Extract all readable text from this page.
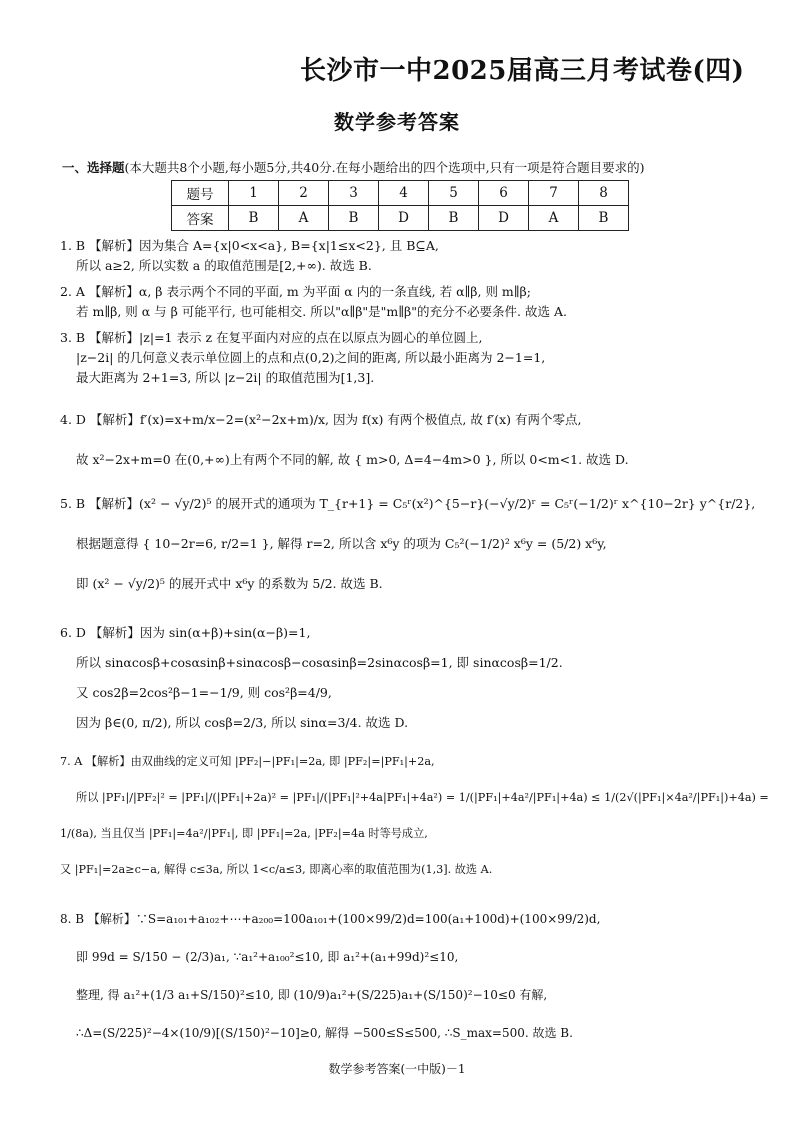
长沙市一中2025届高三月考试卷(四)
数学参考答案
一、选择题(本大题共8个小题,每小题5分,共40分.在每小题给出的四个选项中,只有一项是符合题目要求的)
题号	1	2	3	4	5	6	7	8
答案	B	A	B	D	B	D	A	B
1. B 【解析】因为集合 A={x|0<x<a}, B={x|1≤x<2}, 且 B⊆A,
所以 a≥2, 所以实数 a 的取值范围是[2,+∞). 故选 B.
2. A 【解析】α, β 表示两个不同的平面, m 为平面 α 内的一条直线, 若 α∥β, 则 m∥β;
若 m∥β, 则 α 与 β 可能平行, 也可能相交. 所以"α∥β"是"m∥β"的充分不必要条件. 故选 A.
3. B 【解析】|z|=1 表示 z 在复平面内对应的点在以原点为圆心的单位圆上,
|z−2i| 的几何意义表示单位圆上的点和点(0,2)之间的距离, 所以最小距离为 2−1=1,
最大距离为 2+1=3, 所以 |z−2i| 的取值范围为[1,3].
4. D 【解析】f′(x)=x+m/x−2=(x²−2x+m)/x, 因为 f(x) 有两个极值点, 故 f′(x) 有两个零点,
故 x²−2x+m=0 在(0,+∞)上有两个不同的解, 故 { m>0, Δ=4−4m>0 }, 所以 0<m<1. 故选 D.
5. B 【解析】(x² − √y/2)⁵ 的展开式的通项为 T_{r+1} = C₅ʳ(x²)^{5−r}(−√y/2)ʳ = C₅ʳ(−1/2)ʳ x^{10−2r} y^{r/2},
根据题意得 { 10−2r=6, r/2=1 }, 解得 r=2, 所以含 x⁶y 的项为 C₅²(−1/2)² x⁶y = (5/2) x⁶y,
即 (x² − √y/2)⁵ 的展开式中 x⁶y 的系数为 5/2. 故选 B.
6. D 【解析】因为 sin(α+β)+sin(α−β)=1,
所以 sinαcosβ+cosαsinβ+sinαcosβ−cosαsinβ=2sinαcosβ=1, 即 sinαcosβ=1/2.
又 cos2β=2cos²β−1=−1/9, 则 cos²β=4/9,
因为 β∈(0, π/2), 所以 cosβ=2/3, 所以 sinα=3/4. 故选 D.
7. A 【解析】由双曲线的定义可知 |PF₂|−|PF₁|=2a, 即 |PF₂|=|PF₁|+2a,
所以 |PF₁|/|PF₂|² = |PF₁|/(|PF₁|+2a)² = |PF₁|/(|PF₁|²+4a|PF₁|+4a²) = 1/(|PF₁|+4a²/|PF₁|+4a) ≤ 1/(2√(|PF₁|×4a²/|PF₁|)+4a) =
1/(8a), 当且仅当 |PF₁|=4a²/|PF₁|, 即 |PF₁|=2a, |PF₂|=4a 时等号成立,
又 |PF₁|=2a≥c−a, 解得 c≤3a, 所以 1<c/a≤3, 即离心率的取值范围为(1,3]. 故选 A.
8. B 【解析】∵S=a₁₀₁+a₁₀₂+⋯+a₂₀₀=100a₁₀₁+(100×99/2)d=100(a₁+100d)+(100×99/2)d,
即 99d = S/150 − (2/3)a₁, ∵a₁²+a₁₀₀²≤10, 即 a₁²+(a₁+99d)²≤10,
整理, 得 a₁²+(1/3 a₁+S/150)²≤10, 即 (10/9)a₁²+(S/225)a₁+(S/150)²−10≤0 有解,
∴Δ=(S/225)²−4×(10/9)[(S/150)²−10]≥0, 解得 −500≤S≤500, ∴S_max=500. 故选 B.
数学参考答案(一中版)－1
